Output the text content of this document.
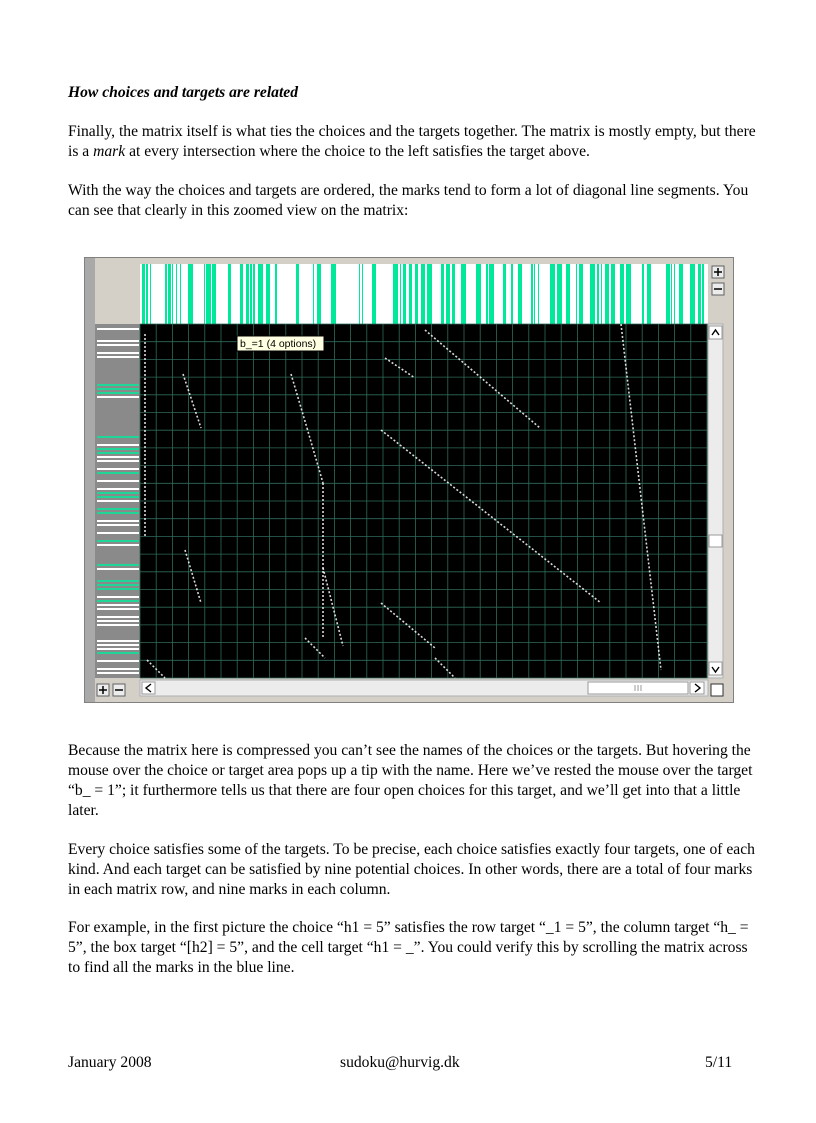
How choices and targets are related

Finally, the matrix itself is what ties the choices and the targets together. The matrix is mostly empty, but there is a mark at every intersection where the choice to the left satisfies the target above.

With the way the choices and targets are ordered, the marks tend to form a lot of diagonal line segments. You can see that clearly in this zoomed view on the matrix:

b_=1 (4 options)

Because the matrix here is compressed you can’t see the names of the choices or the targets. But hovering the mouse over the choice or target area pops up a tip with the name. Here we’ve rested the mouse over the target “b_ = 1”; it furthermore tells us that there are four open choices for this target, and we’ll get into that a little later.

Every choice satisfies some of the targets. To be precise, each choice satisfies exactly four targets, one of each kind. And each target can be satisfied by nine potential choices. In other words, there are a total of four marks in each matrix row, and nine marks in each column.

For example, in the first picture the choice “h1 = 5” satisfies the row target “_1 = 5”, the column target “h_ = 5”, the box target “[h2] = 5”, and the cell target “h1 = _”. You could verify this by scrolling the matrix across to find all the marks in the blue line.

January 2008	sudoku@hurvig.dk	5/11
